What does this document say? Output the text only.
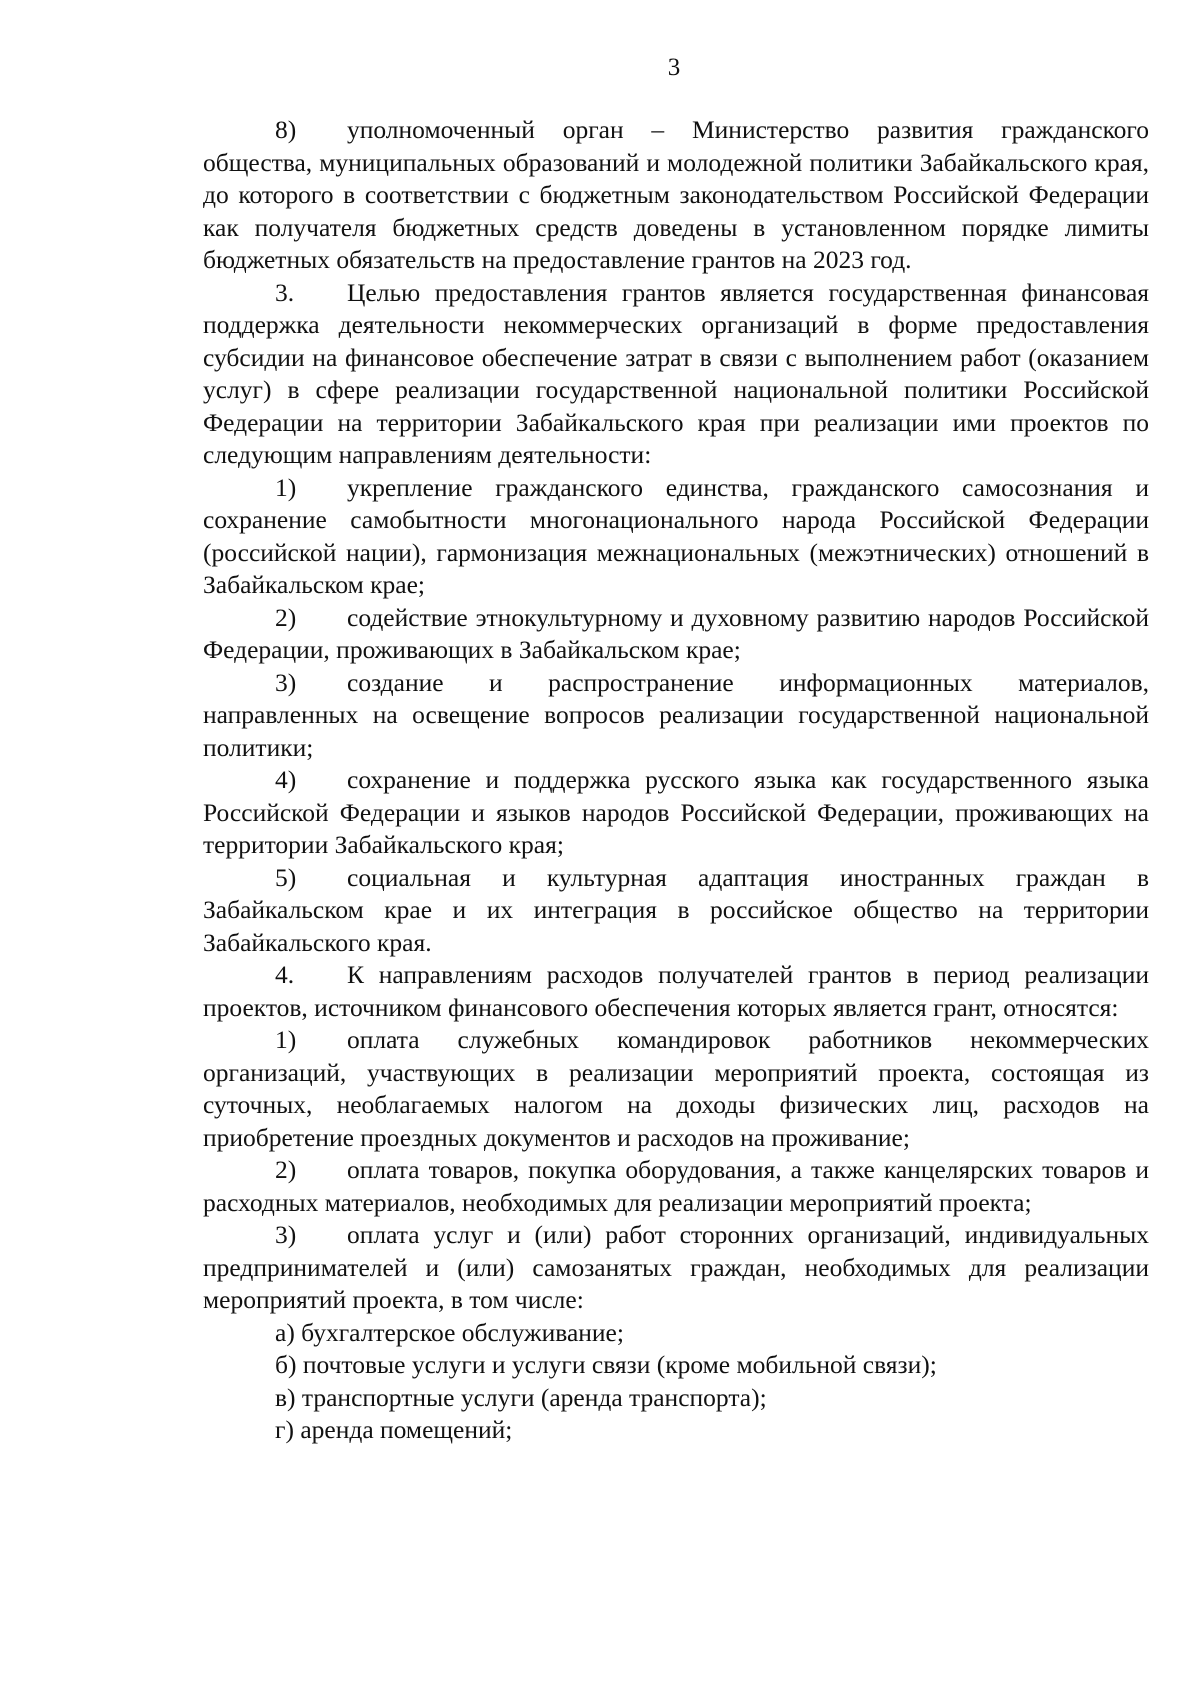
3

8) уполномоченный орган – Министерство развития гражданского общества, муниципальных образований и молодежной политики Забайкальского края, до которого в соответствии с бюджетным законодательством Российской Федерации как получателя бюджетных средств доведены в установленном порядке лимиты бюджетных обязательств на предоставление грантов на 2023 год.

3. Целью предоставления грантов является государственная финансовая поддержка деятельности некоммерческих организаций в форме предоставления субсидии на финансовое обеспечение затрат в связи с выполнением работ (оказанием услуг) в сфере реализации государственной национальной политики Российской Федерации на территории Забайкальского края при реализации ими проектов по следующим направлениям деятельности:

1) укрепление гражданского единства, гражданского самосознания и сохранение самобытности многонационального народа Российской Федерации (российской нации), гармонизация межнациональных (межэтнических) отношений в Забайкальском крае;

2) содействие этнокультурному и духовному развитию народов Российской Федерации, проживающих в Забайкальском крае;

3) создание и распространение информационных материалов, направленных на освещение вопросов реализации государственной национальной политики;

4) сохранение и поддержка русского языка как государственного языка Российской Федерации и языков народов Российской Федерации, проживающих на территории Забайкальского края;

5) социальная и культурная адаптация иностранных граждан в Забайкальском крае и их интеграция в российское общество на территории Забайкальского края.

4. К направлениям расходов получателей грантов в период реализации проектов, источником финансового обеспечения которых является грант, относятся:

1) оплата служебных командировок работников некоммерческих организаций, участвующих в реализации мероприятий проекта, состоящая из суточных, необлагаемых налогом на доходы физических лиц, расходов на приобретение проездных документов и расходов на проживание;

2) оплата товаров, покупка оборудования, а также канцелярских товаров и расходных материалов, необходимых для реализации мероприятий проекта;

3) оплата услуг и (или) работ сторонних организаций, индивидуальных предпринимателей и (или) самозанятых граждан, необходимых для реализации мероприятий проекта, в том числе:

а) бухгалтерское обслуживание;

б) почтовые услуги и услуги связи (кроме мобильной связи);

в) транспортные услуги (аренда транспорта);

г) аренда помещений;
